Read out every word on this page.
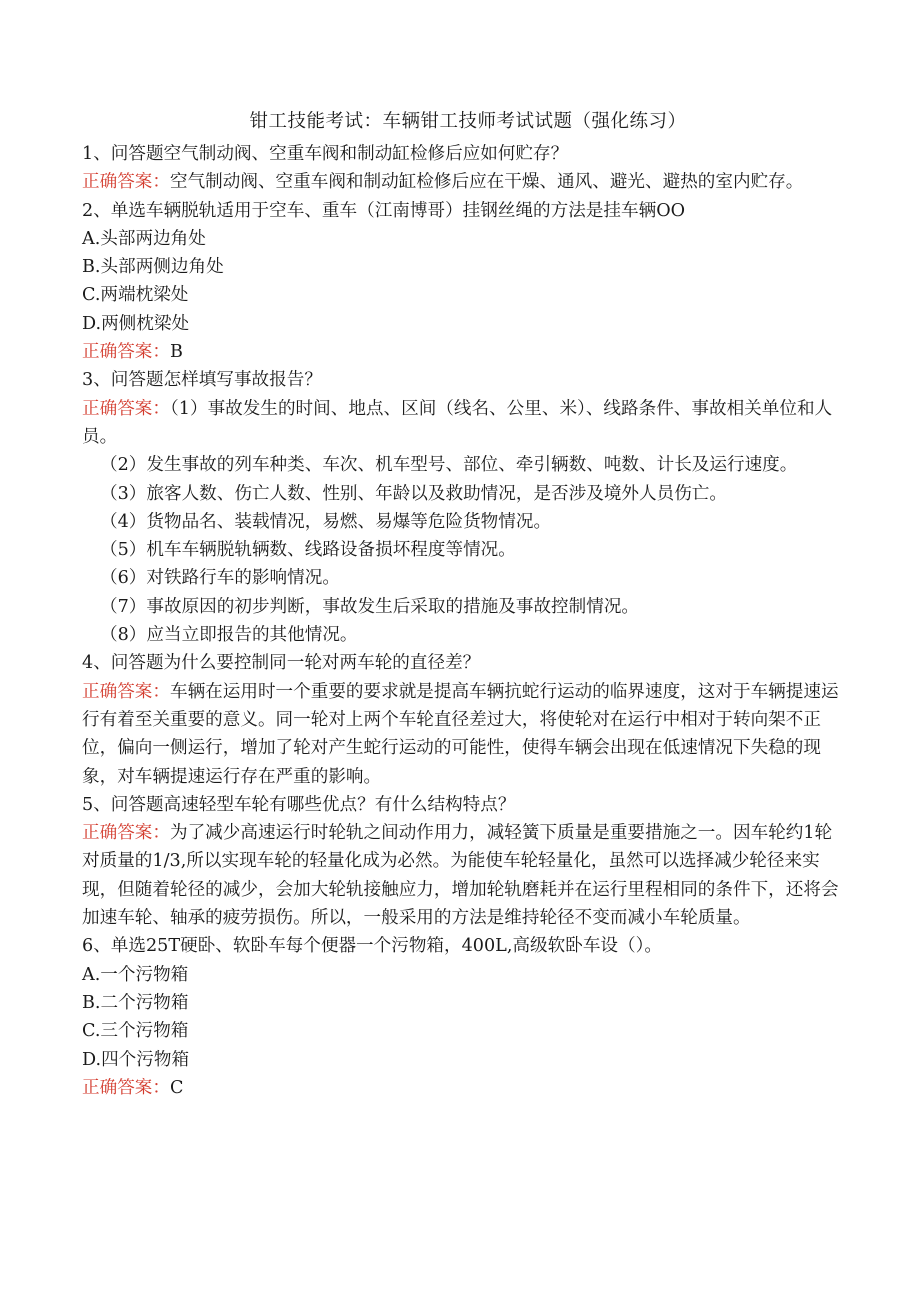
钳工技能考试：车辆钳工技师考试试题（强化练习）

1、问答题空气制动阀、空重车阀和制动缸检修后应如何贮存？

正确答案：空气制动阀、空重车阀和制动缸检修后应在干燥、通风、避光、避热的室内贮存。

2、单选车辆脱轨适用于空车、重车（江南博哥）挂钢丝绳的方法是挂车辆OO

A.头部两边角处

B.头部两侧边角处

C.两端枕梁处

D.两侧枕梁处

正确答案：B

3、问答题怎样填写事故报告？

正确答案：（1）事故发生的时间、地点、区间（线名、公里、米）、线路条件、事故相关单位和人员。

（2）发生事故的列车种类、车次、机车型号、部位、牵引辆数、吨数、计长及运行速度。

（3）旅客人数、伤亡人数、性别、年龄以及救助情况，是否涉及境外人员伤亡。

（4）货物品名、装载情况，易燃、易爆等危险货物情况。

（5）机车车辆脱轨辆数、线路设备损坏程度等情况。

（6）对铁路行车的影响情况。

（7）事故原因的初步判断，事故发生后采取的措施及事故控制情况。

（8）应当立即报告的其他情况。

4、问答题为什么要控制同一轮对两车轮的直径差？

正确答案：车辆在运用时一个重要的要求就是提高车辆抗蛇行运动的临界速度，这对于车辆提速运行有着至关重要的意义。同一轮对上两个车轮直径差过大，将使轮对在运行中相对于转向架不正位，偏向一侧运行，增加了轮对产生蛇行运动的可能性，使得车辆会出现在低速情况下失稳的现象，对车辆提速运行存在严重的影响。

5、问答题高速轻型车轮有哪些优点？有什么结构特点？

正确答案：为了减少高速运行时轮轨之间动作用力，减轻簧下质量是重要措施之一。因车轮约1轮对质量的1/3,所以实现车轮的轻量化成为必然。为能使车轮轻量化，虽然可以选择减少轮径来实现，但随着轮径的减少，会加大轮轨接触应力，增加轮轨磨耗并在运行里程相同的条件下，还将会加速车轮、轴承的疲劳损伤。所以，一般采用的方法是维持轮径不变而减小车轮质量。

6、单选25T硬卧、软卧车每个便器一个污物箱，400L,高级软卧车设（）。

A.一个污物箱

B.二个污物箱

C.三个污物箱

D.四个污物箱

正确答案：C
